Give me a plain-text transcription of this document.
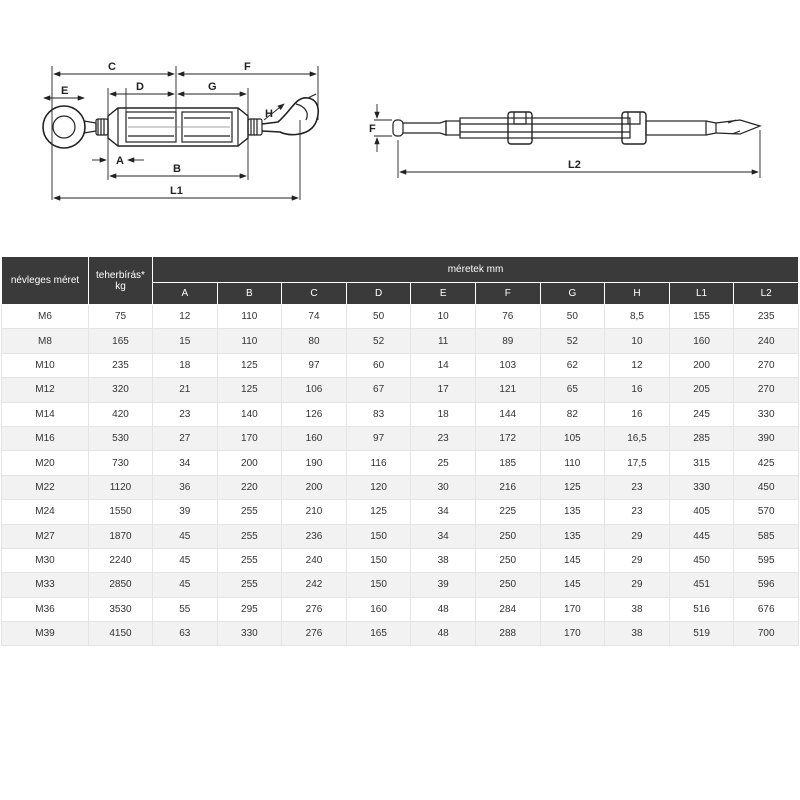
C	F
D	G
E
H
A
B
L1
F
L2
névleges méret	teherbírás*
kg	méretek mm									
		A	B	C	D	E	F	G	H	L1	L2
M6	75	12	110	74	50	10	76	50	8,5	155	235
M8	165	15	110	80	52	11	89	52	10	160	240
M10	235	18	125	97	60	14	103	62	12	200	270
M12	320	21	125	106	67	17	121	65	16	205	270
M14	420	23	140	126	83	18	144	82	16	245	330
M16	530	27	170	160	97	23	172	105	16,5	285	390
M20	730	34	200	190	116	25	185	110	17,5	315	425
M22	1120	36	220	200	120	30	216	125	23	330	450
M24	1550	39	255	210	125	34	225	135	23	405	570
M27	1870	45	255	236	150	34	250	135	29	445	585
M30	2240	45	255	240	150	38	250	145	29	450	595
M33	2850	45	255	242	150	39	250	145	29	451	596
M36	3530	55	295	276	160	48	284	170	38	516	676
M39	4150	63	330	276	165	48	288	170	38	519	700
